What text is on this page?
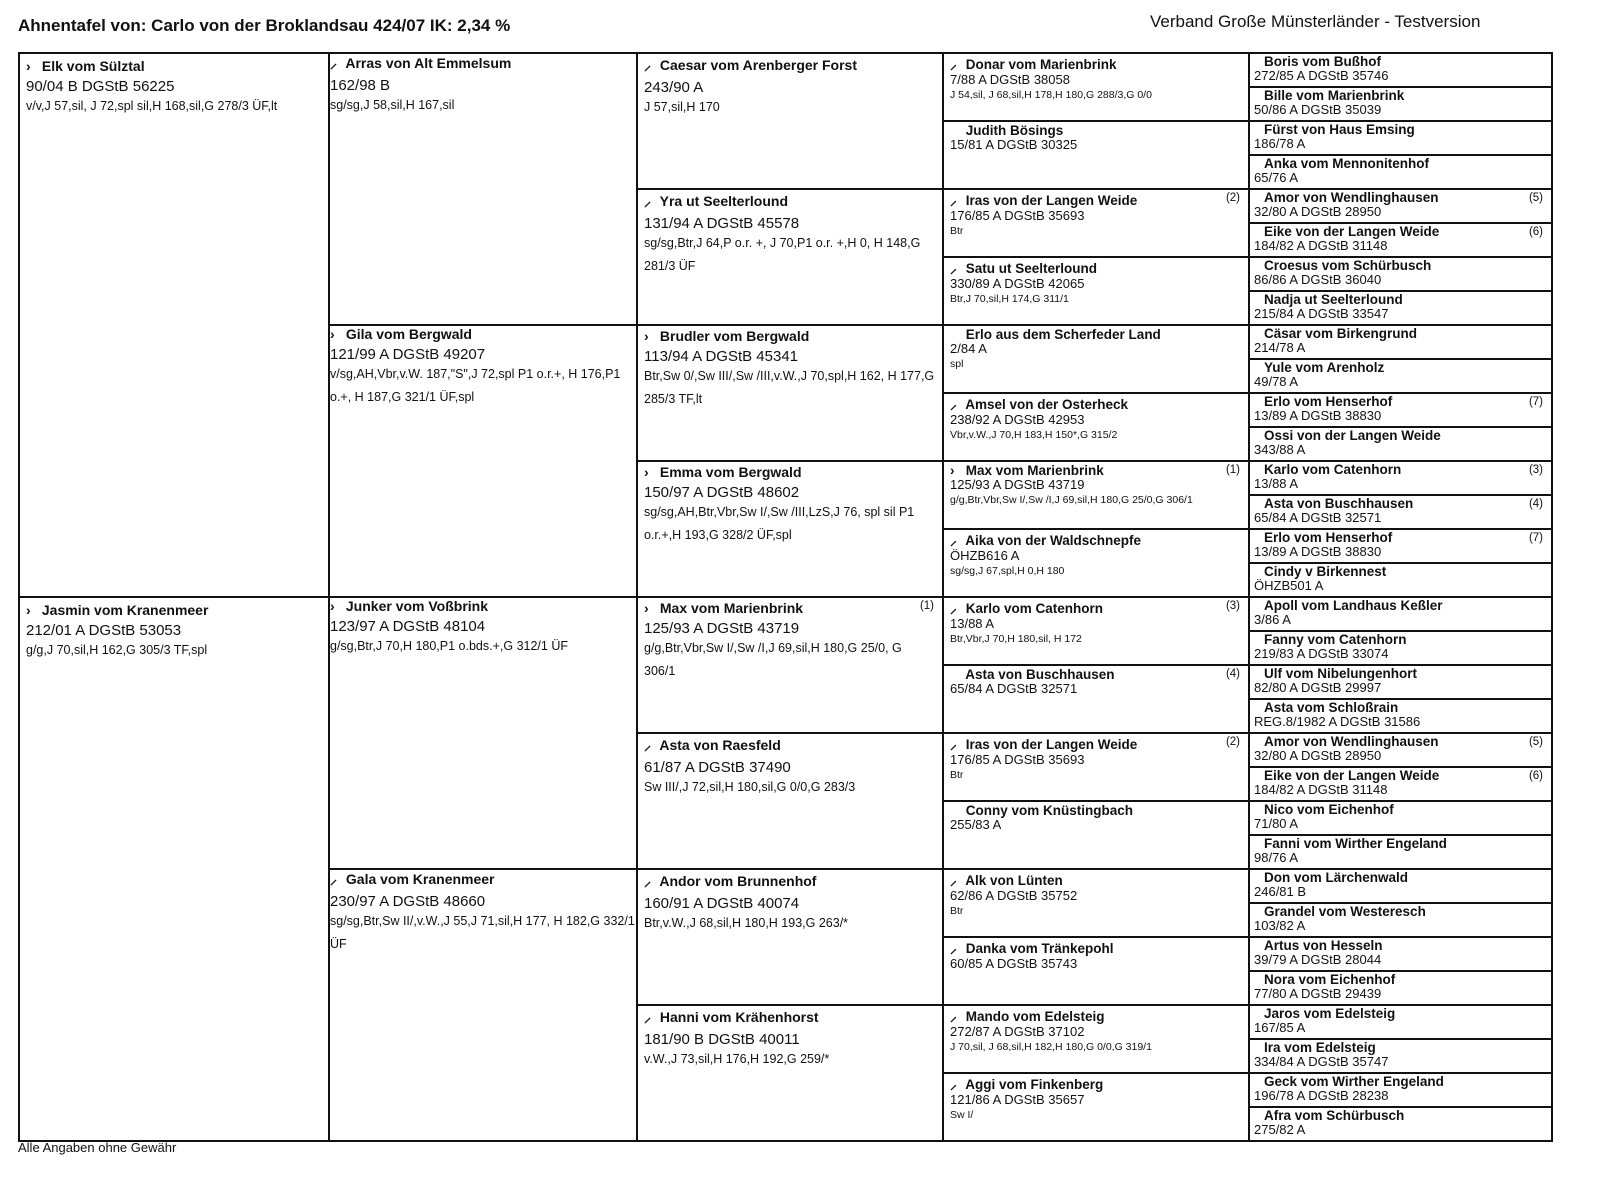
Ahnentafel von: Carlo von der Broklandsau 424/07 IK: 2,34 %	Verband Große Münsterländer - Testversion
› Elk vom Sülztal
90/04 B DGStB 56225
v/v,J 57,sil, J 72,spl sil,H 168,sil,G 278/3 ÜF,lt
› Jasmin vom Kranenmeer
212/01 A DGStB 53053
g/g,J 70,sil,H 162,G 305/3 TF,spl
⸝ Arras von Alt Emmelsum
162/98 B
sg/sg,J 58,sil,H 167,sil
› Gila vom Bergwald
121/99 A DGStB 49207
v/sg,AH,Vbr,v.W. 187,"S",J 72,spl P1 o.r.+, H 176,P1 o.+, H 187,G 321/1 ÜF,spl
› Junker vom Voßbrink
123/97 A DGStB 48104
g/sg,Btr,J 70,H 180,P1 o.bds.+,G 312/1 ÜF
⸝ Gala vom Kranenmeer
230/97 A DGStB 48660
sg/sg,Btr,Sw II/,v.W.,J 55,J 71,sil,H 177, H 182,G 332/1 ÜF
⸝ Caesar vom Arenberger Forst
243/90 A
J 57,sil,H 170
⸝ Yra ut Seelterlound
131/94 A DGStB 45578
sg/sg,Btr,J 64,P o.r. +, J 70,P1 o.r. +,H 0, H 148,G 281/3 ÜF
› Brudler vom Bergwald
113/94 A DGStB 45341
Btr,Sw 0/,Sw III/,Sw /III,v.W.,J 70,spl,H 162, H 177,G 285/3 TF,lt
› Emma vom Bergwald
150/97 A DGStB 48602
sg/sg,AH,Btr,Vbr,Sw I/,Sw /III,LzS,J 76, spl sil P1 o.r.+,H 193,G 328/2 ÜF,spl
› Max vom Marienbrink
125/93 A DGStB 43719
g/g,Btr,Vbr,Sw I/,Sw /I,J 69,sil,H 180,G 25/0, G 306/1
(1)
⸝ Asta von Raesfeld
61/87 A DGStB 37490
Sw III/,J 72,sil,H 180,sil,G 0/0,G 283/3
⸝ Andor vom Brunnenhof
160/91 A DGStB 40074
Btr,v.W.,J 68,sil,H 180,H 193,G 263/*
⸝ Hanni vom Krähenhorst
181/90 B DGStB 40011
v.W.,J 73,sil,H 176,H 192,G 259/*
⸝ Donar vom Marienbrink
7/88 A DGStB 38058
J 54,sil, J 68,sil,H 178,H 180,G 288/3,G 0/0
Judith Bösings
15/81 A DGStB 30325
⸝ Iras von der Langen Weide
176/85 A DGStB 35693
Btr
(2)
⸝ Satu ut Seelterlound
330/89 A DGStB 42065
Btr,J 70,sil,H 174,G 311/1
Erlo aus dem Scherfeder Land
2/84 A
spl
⸝ Amsel von der Osterheck
238/92 A DGStB 42953
Vbr,v.W.,J 70,H 183,H 150*,G 315/2
› Max vom Marienbrink
125/93 A DGStB 43719
g/g,Btr,Vbr,Sw I/,Sw /I,J 69,sil,H 180,G 25/0,G 306/1
(1)
⸝ Aika von der Waldschnepfe
ÖHZB616 A
sg/sg,J 67,spl,H 0,H 180
⸝ Karlo vom Catenhorn
13/88 A
Btr,Vbr,J 70,H 180,sil, H 172
(3)
Asta von Buschhausen
65/84 A DGStB 32571
(4)
⸝ Iras von der Langen Weide
176/85 A DGStB 35693
Btr
(2)
Conny vom Knüstingbach
255/83 A
⸝ Alk von Lünten
62/86 A DGStB 35752
Btr
⸝ Danka vom Tränkepohl
60/85 A DGStB 35743
⸝ Mando vom Edelsteig
272/87 A DGStB 37102
J 70,sil, J 68,sil,H 182,H 180,G 0/0,G 319/1
⸝ Aggi vom Finkenberg
121/86 A DGStB 35657
Sw I/
Boris vom Bußhof
272/85 A DGStB 35746
Bille vom Marienbrink
50/86 A DGStB 35039
Fürst von Haus Emsing
186/78 A
Anka vom Mennonitenhof
65/76 A
Amor von Wendlinghausen
32/80 A DGStB 28950
(5)
Eike von der Langen Weide
184/82 A DGStB 31148
(6)
Croesus vom Schürbusch
86/86 A DGStB 36040
Nadja ut Seelterlound
215/84 A DGStB 33547
Cäsar vom Birkengrund
214/78 A
Yule vom Arenholz
49/78 A
Erlo vom Henserhof
13/89 A DGStB 38830
(7)
Ossi von der Langen Weide
343/88 A
Karlo vom Catenhorn
13/88 A
(3)
Asta von Buschhausen
65/84 A DGStB 32571
(4)
Erlo vom Henserhof
13/89 A DGStB 38830
(7)
Cindy v Birkennest
ÖHZB501 A
Apoll vom Landhaus Keßler
3/86 A
Fanny vom Catenhorn
219/83 A DGStB 33074
Ulf vom Nibelungenhort
82/80 A DGStB 29997
Asta vom Schloßrain
REG.8/1982 A DGStB 31586
Amor von Wendlinghausen
32/80 A DGStB 28950
(5)
Eike von der Langen Weide
184/82 A DGStB 31148
(6)
Nico vom Eichenhof
71/80 A
Fanni vom Wirther Engeland
98/76 A
Don vom Lärchenwald
246/81 B
Grandel vom Westeresch
103/82 A
Artus von Hesseln
39/79 A DGStB 28044
Nora vom Eichenhof
77/80 A DGStB 29439
Jaros vom Edelsteig
167/85 A
Ira vom Edelsteig
334/84 A DGStB 35747
Geck vom Wirther Engeland
196/78 A DGStB 28238
Afra vom Schürbusch
275/82 A
Alle Angaben ohne Gewähr
